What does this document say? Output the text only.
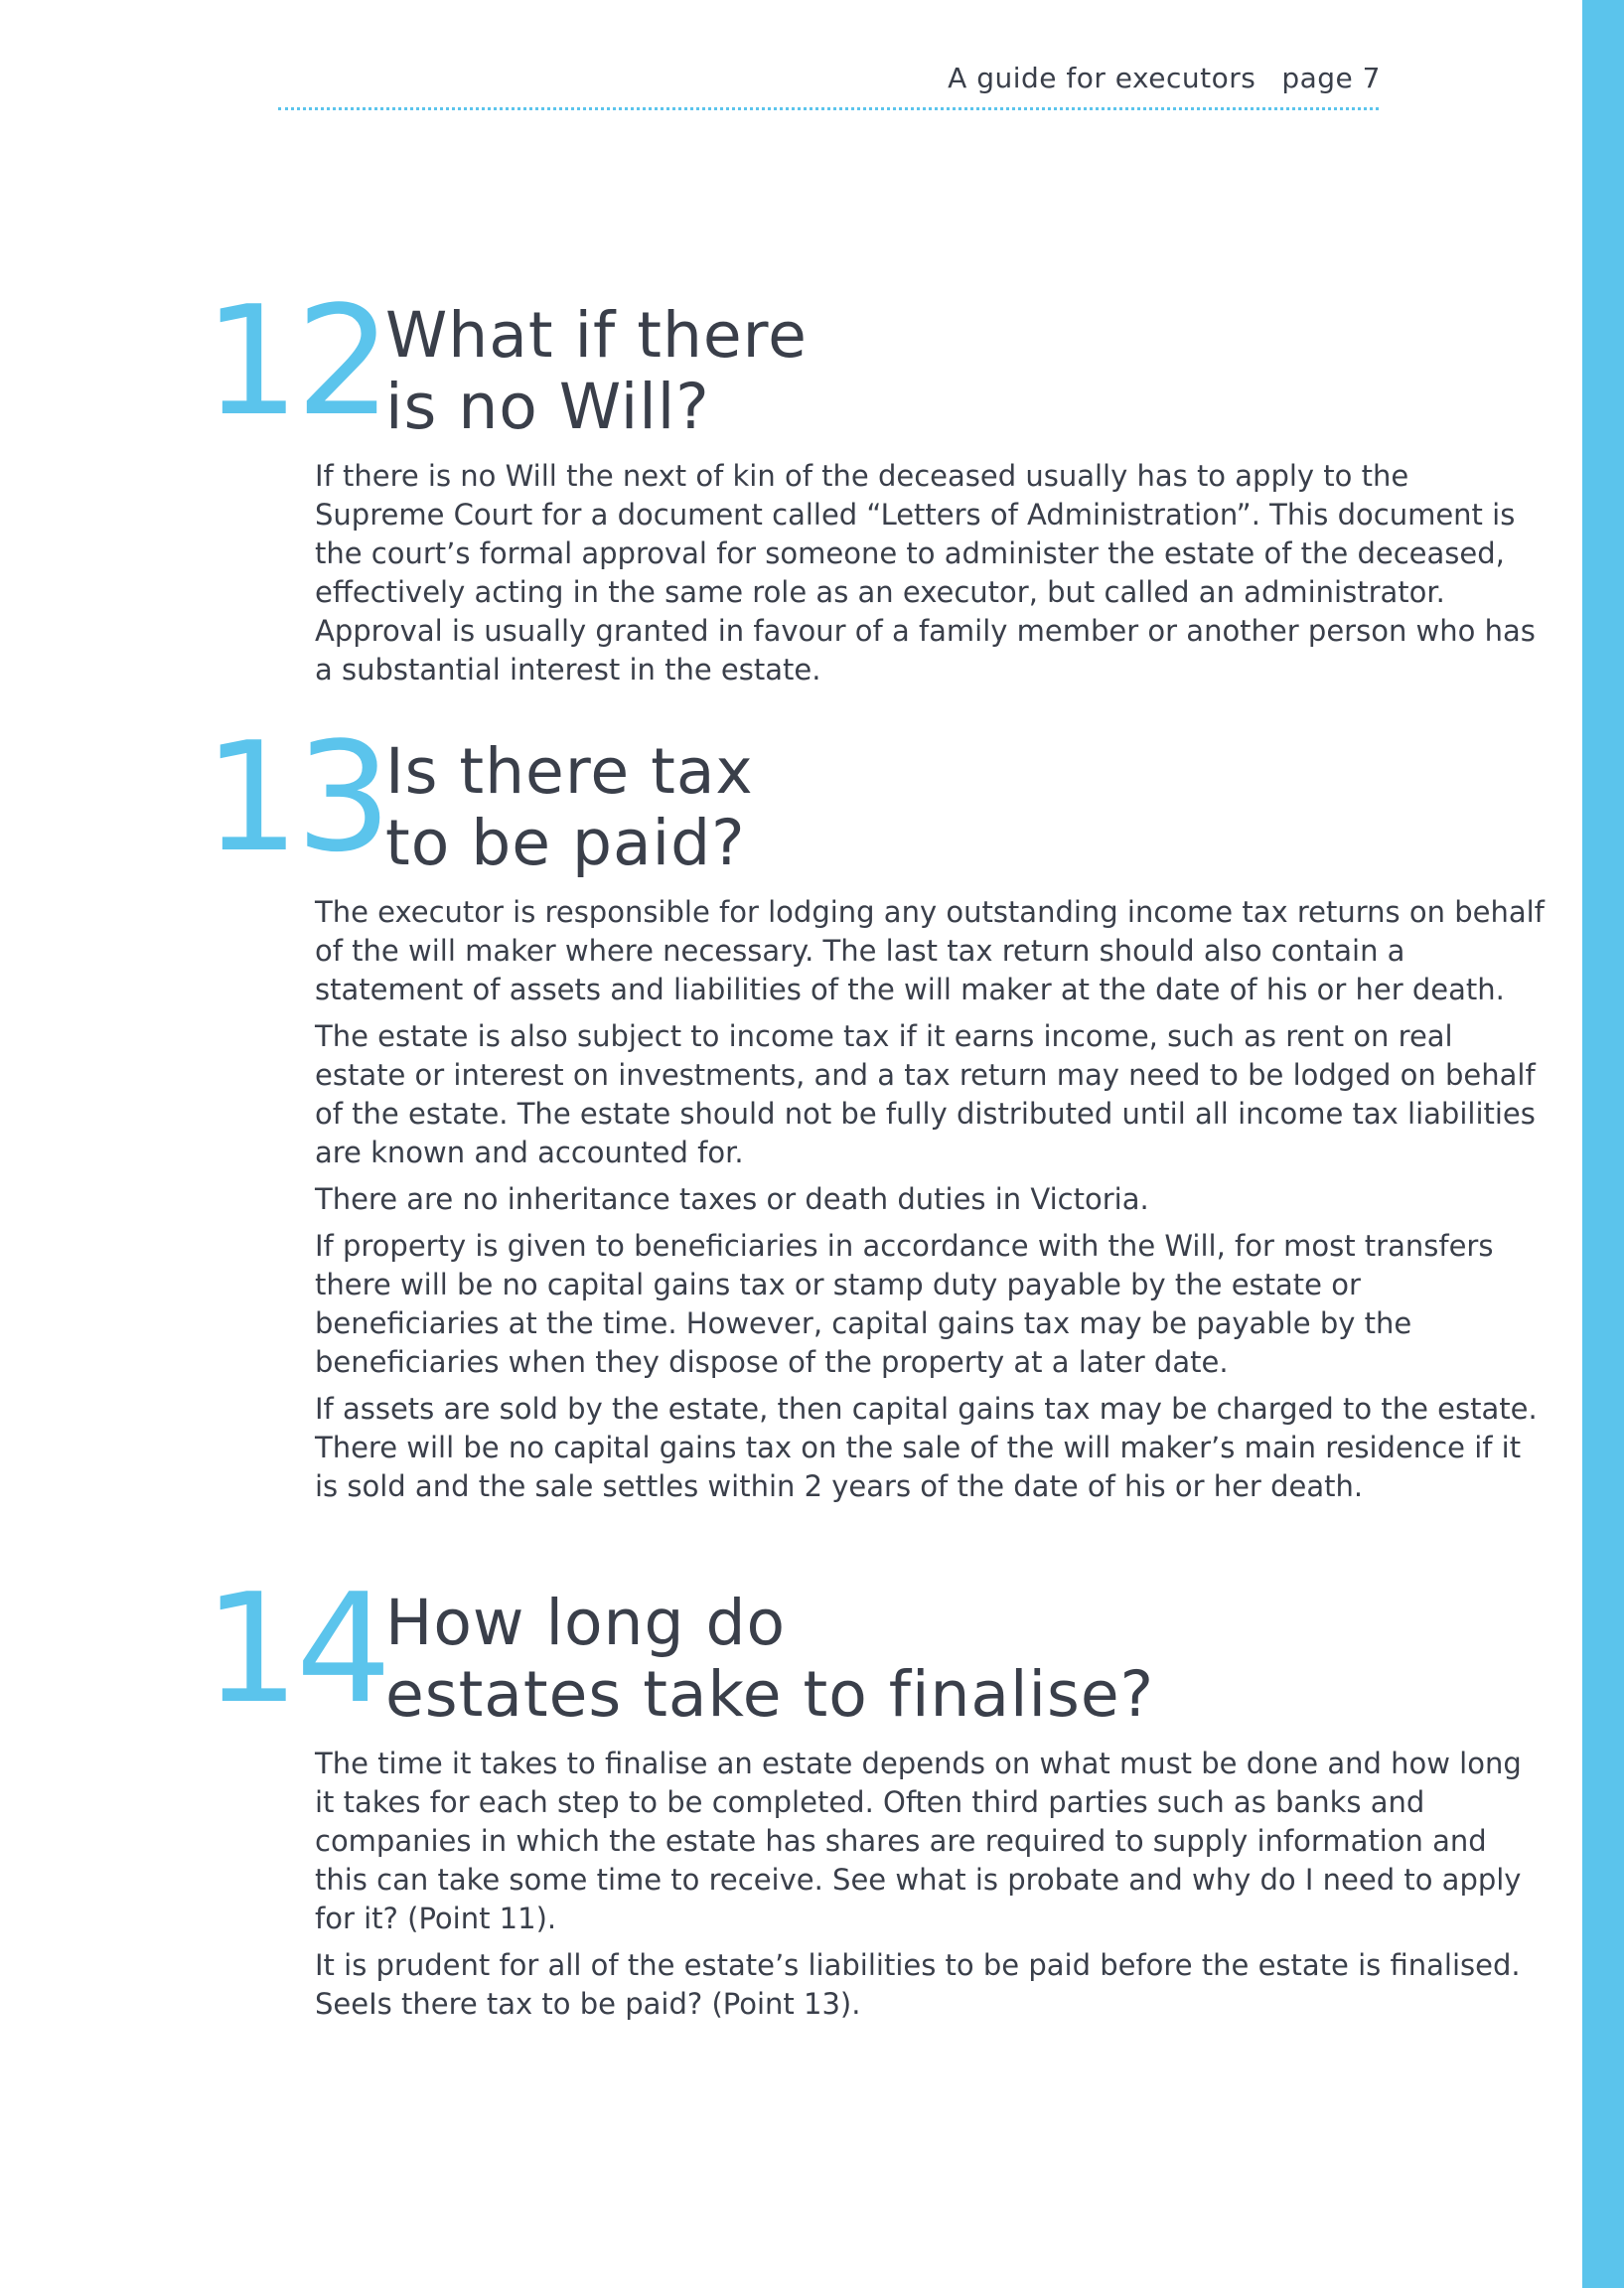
A guide for executors page 7
12
What if there
is no Will?

If there is no Will the next of kin of the deceased usually has to apply to the Supreme Court for a document called “Letters of Administration”. This document is the court’s formal approval for someone to administer the estate of the deceased, effectively acting in the same role as an executor, but called an administrator. Approval is usually granted in favour of a family member or another person who has a substantial interest in the estate.

13
Is there tax
to be paid?

The executor is responsible for lodging any outstanding income tax returns on behalf of the will maker where necessary. The last tax return should also contain a statement of assets and liabilities of the will maker at the date of his or her death.

The estate is also subject to income tax if it earns income, such as rent on real estate or interest on investments, and a tax return may need to be lodged on behalf of the estate. The estate should not be fully distributed until all income tax liabilities are known and accounted for.

There are no inheritance taxes or death duties in Victoria.

If property is given to beneficiaries in accordance with the Will, for most transfers there will be no capital gains tax or stamp duty payable by the estate or beneficiaries at the time. However, capital gains tax may be payable by the beneficiaries when they dispose of the property at a later date.

If assets are sold by the estate, then capital gains tax may be charged to the estate. There will be no capital gains tax on the sale of the will maker’s main residence if it is sold and the sale settles within 2 years of the date of his or her death.

14
How long do
estates take to finalise?

The time it takes to finalise an estate depends on what must be done and how long it takes for each step to be completed. Often third parties such as banks and companies in which the estate has shares are required to supply information and this can take some time to receive. See what is probate and why do I need to apply for it? (Point 11).

It is prudent for all of the estate’s liabilities to be paid before the estate is finalised. SeeIs there tax to be paid? (Point 13).
